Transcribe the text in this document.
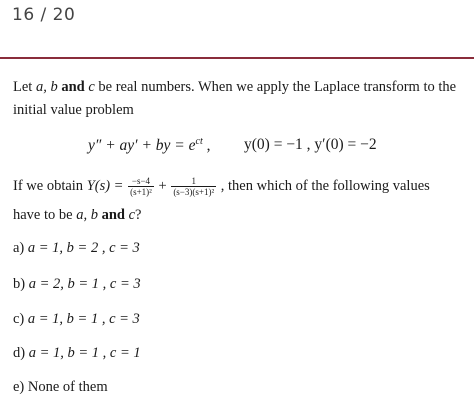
16 / 20
Let a, b and c be real numbers. When we apply the Laplace transform to the
initial value problem
y″ + ay′ + by = $e^{ct}$ , y(0) = −1 , y′(0) = −2
If we obtain $Y(s) = \frac{-s-4}{\text{(s+1)²}} + \frac{1}{\text{(s−3)(s+1)²}}$ , then which of the following values
have to be a, b and c?
a) a = 1, b = 2 , c = 3
b) a = 2, b = 1 , c = 3
c) a = 1, b = 1 , c = 3
d) a = 1, b = 1 , c = 1
e) None of them
